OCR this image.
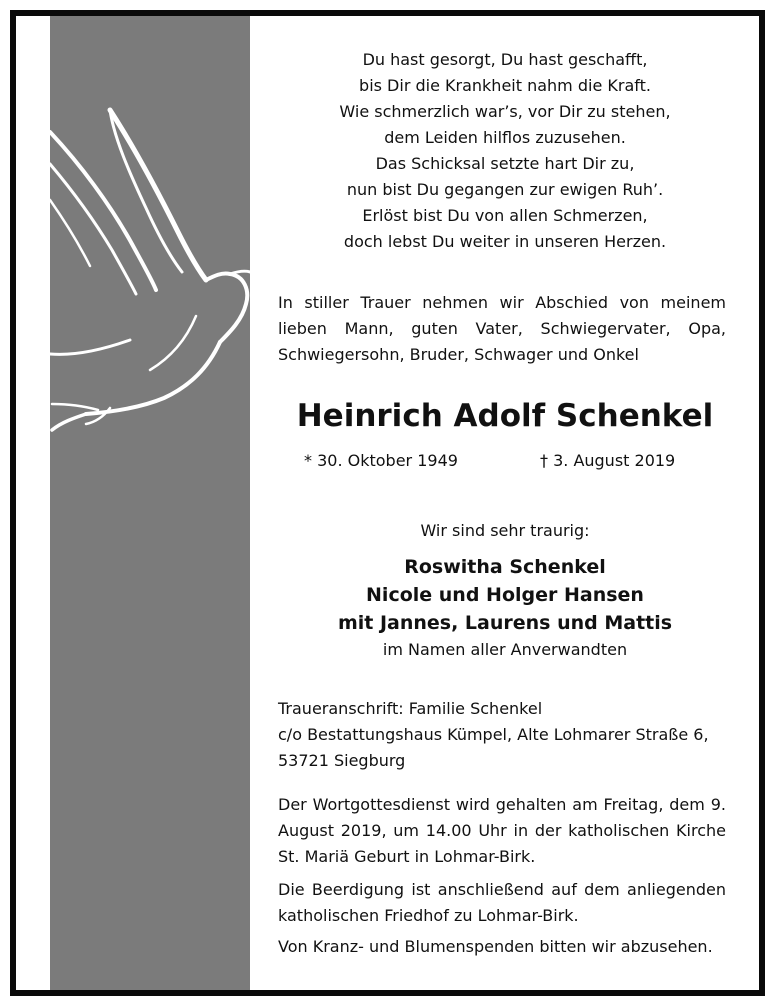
Du hast gesorgt, Du hast geschafft,
bis Dir die Krankheit nahm die Kraft.
Wie schmerzlich war’s, vor Dir zu stehen,
dem Leiden hilflos zuzusehen.
Das Schicksal setzte hart Dir zu,
nun bist Du gegangen zur ewigen Ruh’.
Erlöst bist Du von allen Schmerzen,
doch lebst Du weiter in unseren Herzen.
In stiller Trauer nehmen wir Abschied von meinem lieben Mann, guten Vater, Schwiegervater, Opa, Schwiegersohn, Bruder, Schwager und Onkel
Heinrich Adolf Schenkel
* 30. Oktober 1949	† 3. August 2019
Wir sind sehr traurig:
Roswitha Schenkel
Nicole und Holger Hansen
mit Jannes, Laurens und Mattis
im Namen aller Anverwandten
Traueranschrift: Familie Schenkel
c/o Bestattungshaus Kümpel, Alte Lohmarer Straße 6,
53721 Siegburg
Der Wortgottesdienst wird gehalten am Freitag, dem 9. August 2019, um 14.00 Uhr in der katholischen Kirche St. Mariä Geburt in Lohmar-Birk.
Die Beerdigung ist anschließend auf dem anliegenden katholischen Friedhof zu Lohmar-Birk.
Von Kranz- und Blumenspenden bitten wir abzusehen.
